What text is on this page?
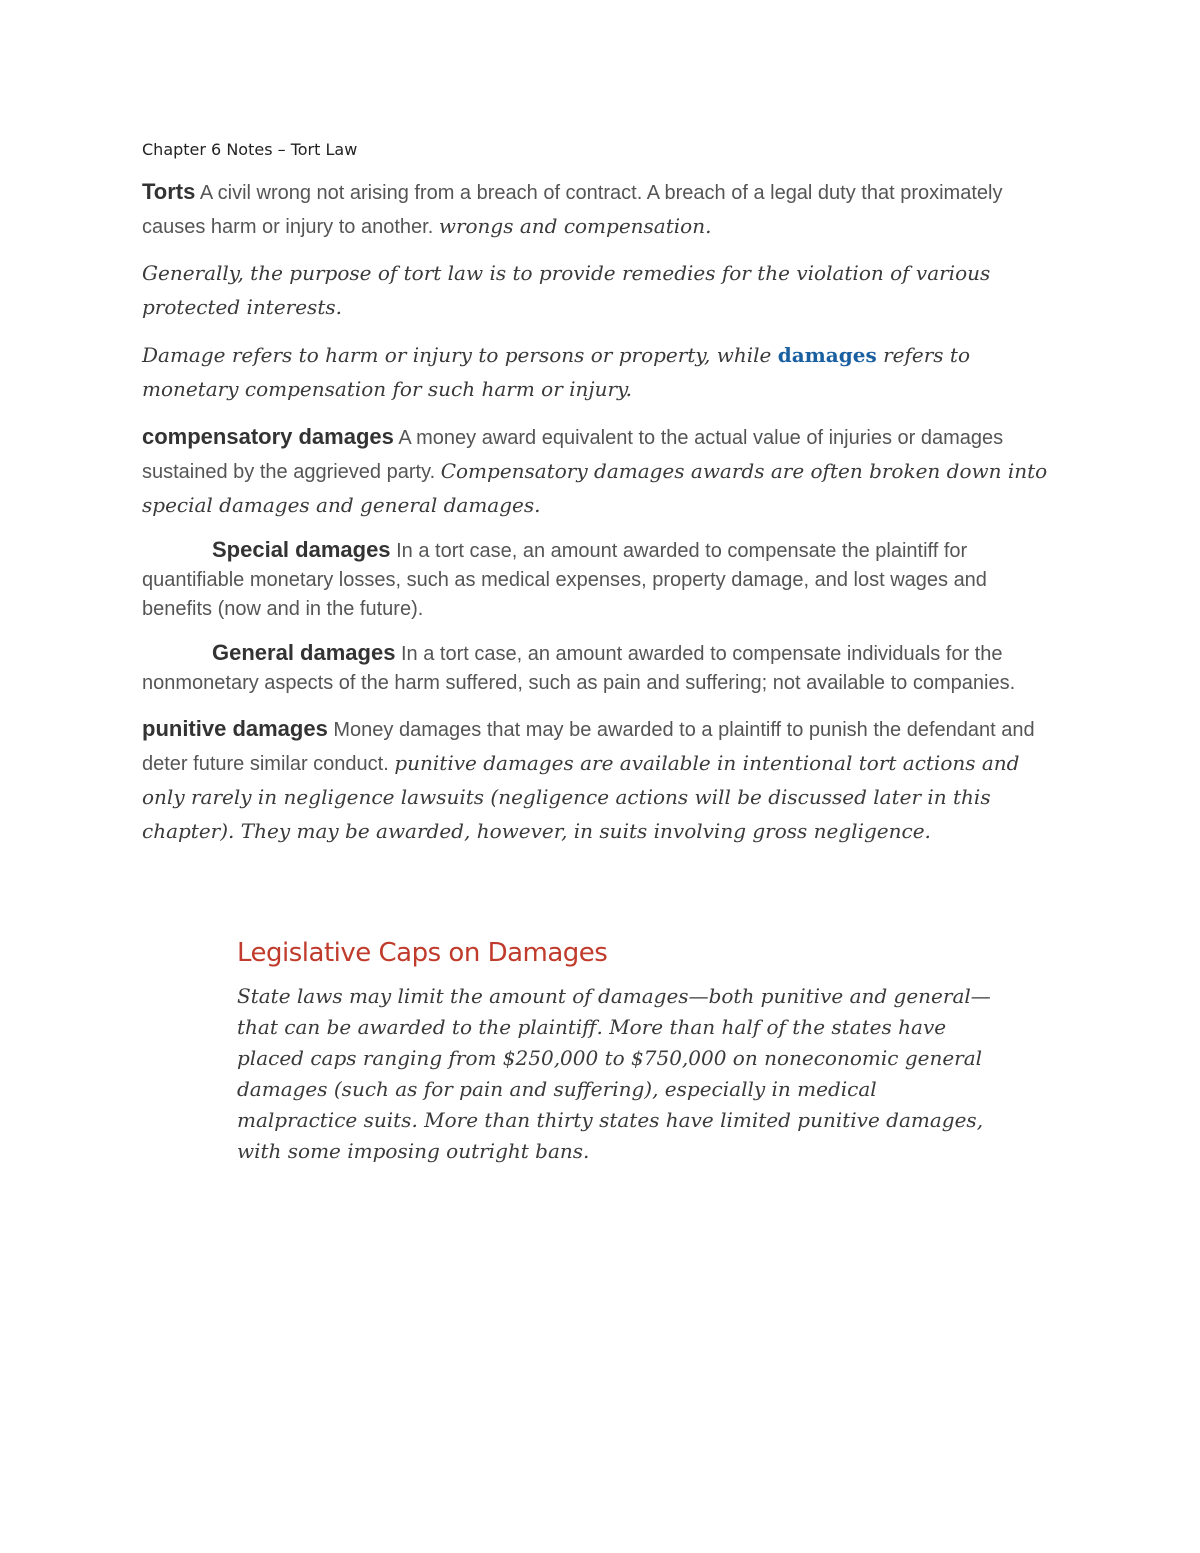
Chapter 6 Notes – Tort Law

Torts A civil wrong not arising from a breach of contract. A breach of a legal duty that proximately causes harm or injury to another. wrongs and compensation.

Generally, the purpose of tort law is to provide remedies for the violation of various protected interests.

Damage refers to harm or injury to persons or property, while damages refers to monetary compensation for such harm or injury.

compensatory damages A money award equivalent to the actual value of injuries or damages sustained by the aggrieved party. Compensatory damages awards are often broken down into special damages and general damages.

Special damages In a tort case, an amount awarded to compensate the plaintiff for quantifiable monetary losses, such as medical expenses, property damage, and lost wages and benefits (now and in the future).

General damages In a tort case, an amount awarded to compensate individuals for the nonmonetary aspects of the harm suffered, such as pain and suffering; not available to companies.

punitive damages Money damages that may be awarded to a plaintiff to punish the defendant and deter future similar conduct. punitive damages are available in intentional tort actions and only rarely in negligence lawsuits (negligence actions will be discussed later in this chapter). They may be awarded, however, in suits involving gross negligence.

Legislative Caps on Damages

State laws may limit the amount of damages—both punitive and general—that can be awarded to the plaintiff. More than half of the states have placed caps ranging from $250,000 to $750,000 on noneconomic general damages (such as for pain and suffering), especially in medical malpractice suits. More than thirty states have limited punitive damages, with some imposing outright bans.
